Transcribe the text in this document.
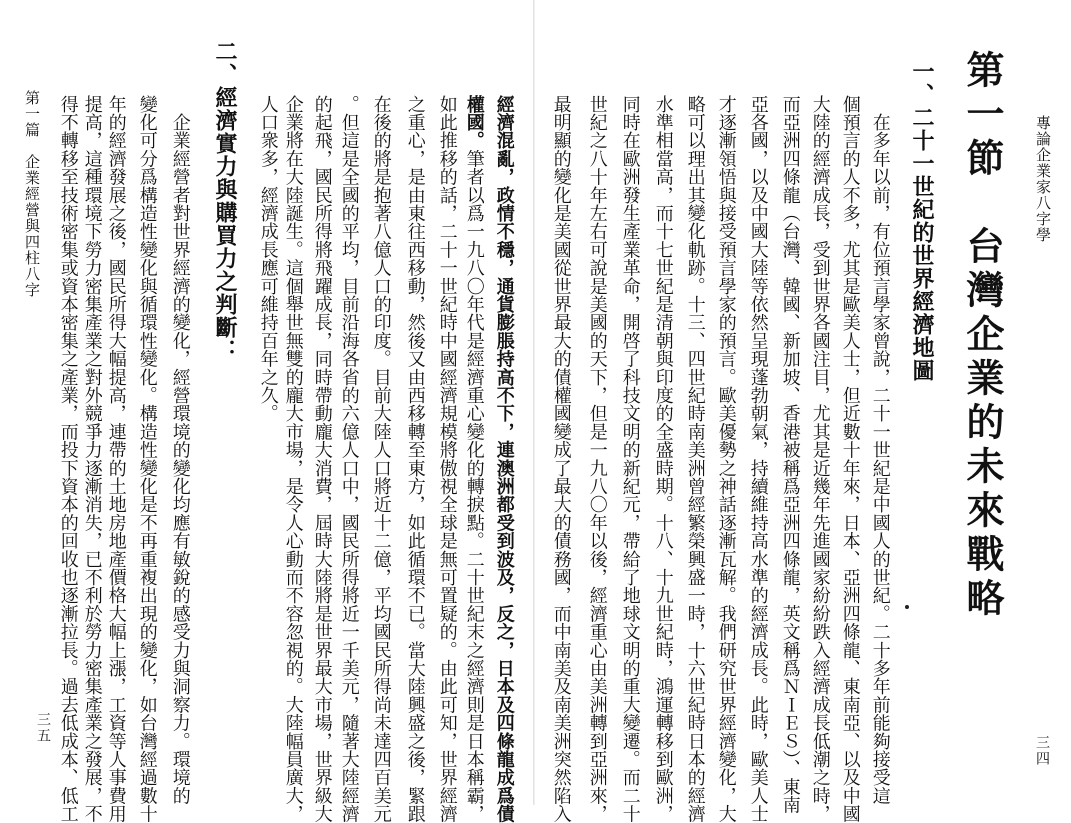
三五
第一篇　企業經營與四柱八字 得不轉移至技術密集或資本密集之產業，而投下資本的回收也逐漸拉長。過去低成本、低工 提高，這種環境下勞力密集產業之對外競爭力逐漸消失，已不利於勞力密集產業之發展，不 年的經濟發展之後，國民所得大幅提高，連帶的土地房地產價格大幅上漲，工資等人事費用 變化可分爲構造性變化與循環性變化。構造性變化是不再重複出現的變化，如台灣經過數十 　企業經營者對世界經濟的變化，經營環境的變化均應有敏銳的感受力與洞察力。環境的 二、經濟實力與購買力之判斷： 人口衆多，經濟成長應可維持百年之久。 企業將在大陸誕生。這個舉世無雙的龐大市場，是令人心動而不容忽視的。大陸幅員廣大， 的起飛，國民所得將飛躍成長，同時帶動龐大消費，屆時大陸將是世界最大市場，世界級大 。但這是全國的平均，目前沿海各省的六億人口中，國民所得將近一千美元，隨著大陸經濟 在後的將是抱著八億人口的印度。目前大陸人口將近十二億，平均國民所得尚未達四百美元 之重心，是由東往西移動，然後又由西移轉至東方，如此循環不已。當大陸興盛之後，緊跟 如此推移的話，二十一世紀時中國經濟規模將傲視全球是無可置疑的。由此可知，世界經濟 權國。筆者以爲一九八〇年代是經濟重心變化的轉捩點。二十世紀末之經濟則是日本稱霸， 經濟混亂，政情不穩，通貨膨脹持高不下，連澳洲都受到波及，反之，日本及四條龍成爲債 最明顯的變化是美國從世界最大的債權國變成了最大的債務國，而中南美及南美洲突然陷入 世紀之八十年左右可說是美國的天下，但是一九八〇年以後，經濟重心由美洲轉到亞洲來， 同時在歐洲發生產業革命，開啓了科技文明的新紀元，帶給了地球文明的重大變遷。而二十 水準相當高，而十七世紀是清朝與印度的全盛時期。十八、十九世紀時，鴻運轉移到歐洲， 略可以理出其變化軌跡。十三、四世紀時南美洲曾經繁榮興盛一時，十六世紀時日本的經濟 才逐漸領悟與接受預言學家的預言。歐美優勢之神話逐漸瓦解。我們研究世界經濟變化，大 亞各國，以及中國大陸等依然呈現蓬勃朝氣，持續維持高水準的經濟成長。此時，歐美人士 而亞洲四條龍（台灣、韓國、新加坡、香港被稱爲亞洲四條龍，英文稱爲ＮＩＥＳ）、東南 大陸的經濟成長，受到世界各國注目，尤其是近幾年先進國家紛紛跌入經濟成長低潮之時， 個預言的人不多，尤其是歐美人士，但近數十年來，日本、亞洲四條龍、東南亞、以及中國 　在多年以前，有位預言學家曾說，二十一世紀是中國人的世紀。二十多年前能夠接受這 一、二十一世紀的世界經濟地圖 第一節　台灣企業的未來戰略	專論企業家八字學
三四
